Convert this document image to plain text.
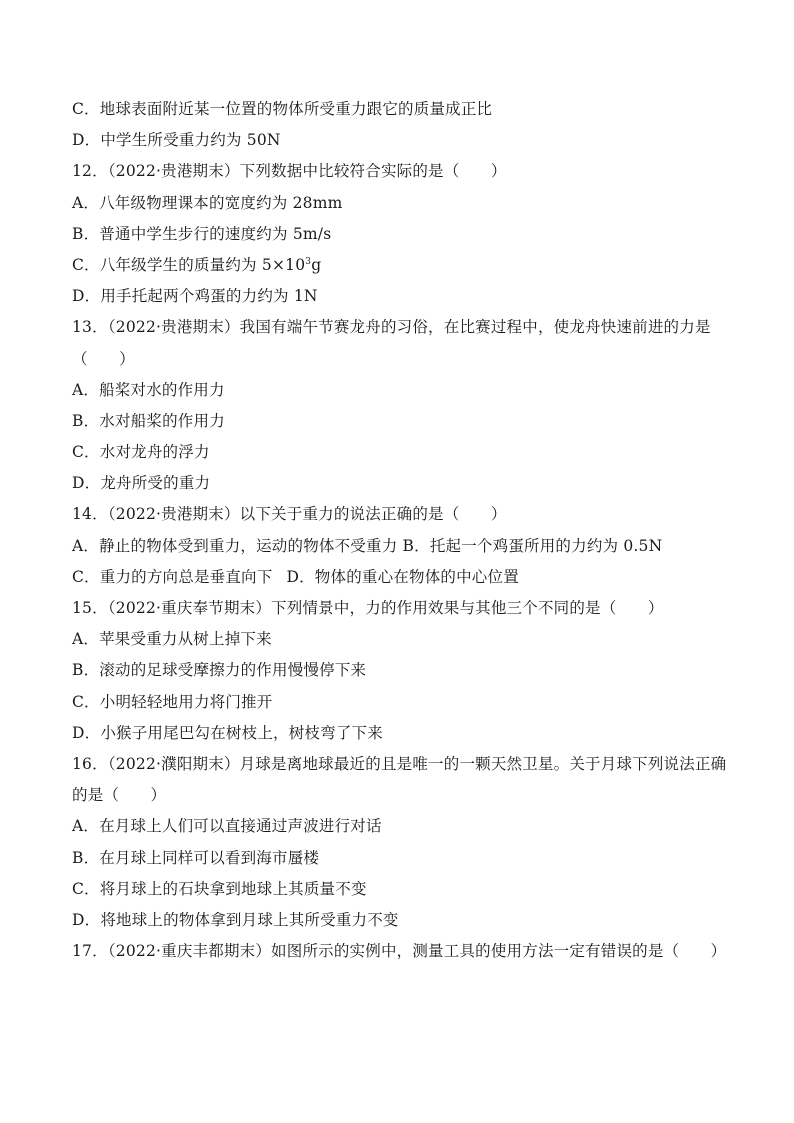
C．地球表面附近某一位置的物体所受重力跟它的质量成正比
D．中学生所受重力约为 50N
12．（2022·贵港期末）下列数据中比较符合实际的是（　　）
A．八年级物理课本的宽度约为 28mm
B．普通中学生步行的速度约为 5m/s
C．八年级学生的质量约为 $5\times 10^3g$
D．用手托起两个鸡蛋的力约为 1N
13．（2022·贵港期末）我国有端午节赛龙舟的习俗，在比赛过程中，使龙舟快速前进的力是
（　　）
A．船桨对水的作用力
B．水对船桨的作用力
C．水对龙舟的浮力
D．龙舟所受的重力
14．（2022·贵港期末）以下关于重力的说法正确的是（　　）
A．静止的物体受到重力，运动的物体不受重力 B．托起一个鸡蛋所用的力约为 0.5N
C．重力的方向总是垂直向下 D．物体的重心在物体的中心位置
15．（2022·重庆奉节期末）下列情景中，力的作用效果与其他三个不同的是（　　）
A．苹果受重力从树上掉下来
B．滚动的足球受摩擦力的作用慢慢停下来
C．小明轻轻地用力将门推开
D．小猴子用尾巴勾在树枝上，树枝弯了下来
16．（2022·濮阳期末）月球是离地球最近的且是唯一的一颗天然卫星。关于月球下列说法正确
的是（　　）
A．在月球上人们可以直接通过声波进行对话
B．在月球上同样可以看到海市蜃楼
C．将月球上的石块拿到地球上其质量不变
D．将地球上的物体拿到月球上其所受重力不变
17．（2022·重庆丰都期末）如图所示的实例中，测量工具的使用方法一定有错误的是（　　）
